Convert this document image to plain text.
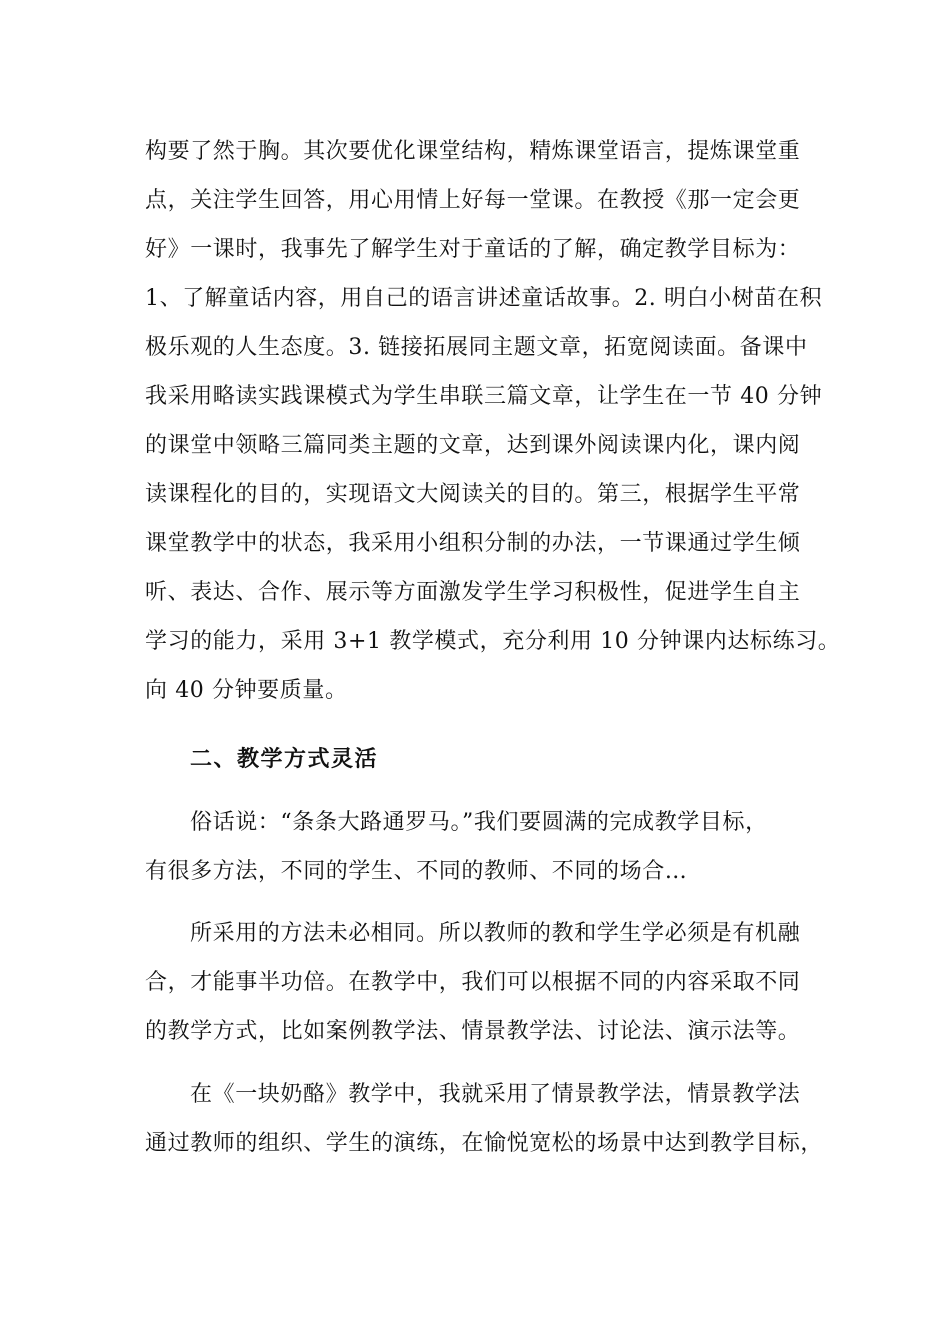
构要了然于胸。其次要优化课堂结构，精炼课堂语言，提炼课堂重
点，关注学生回答，用心用情上好每一堂课。在教授《那一定会更
好》一课时，我事先了解学生对于童话的了解，确定教学目标为：
1、了解童话内容，用自己的语言讲述童话故事。2. 明白小树苗在积
极乐观的人生态度。3. 链接拓展同主题文章，拓宽阅读面。备课中
我采用略读实践课模式为学生串联三篇文章，让学生在一节 40 分钟
的课堂中领略三篇同类主题的文章，达到课外阅读课内化，课内阅
读课程化的目的，实现语文大阅读关的目的。第三，根据学生平常
课堂教学中的状态，我采用小组积分制的办法，一节课通过学生倾
听、表达、合作、展示等方面激发学生学习积极性，促进学生自主
学习的能力，采用 3+1 教学模式，充分利用 10 分钟课内达标练习。
向 40 分钟要质量。
二、教学方式灵活
俗话说：“条条大路通罗马。”我们要圆满的完成教学目标，
有很多方法，不同的学生、不同的教师、不同的场合…
所采用的方法未必相同。所以教师的教和学生学必须是有机融
合，才能事半功倍。在教学中，我们可以根据不同的内容采取不同
的教学方式，比如案例教学法、情景教学法、讨论法、演示法等。
在《一块奶酪》教学中，我就采用了情景教学法，情景教学法
通过教师的组织、学生的演练，在愉悦宽松的场景中达到教学目标，
